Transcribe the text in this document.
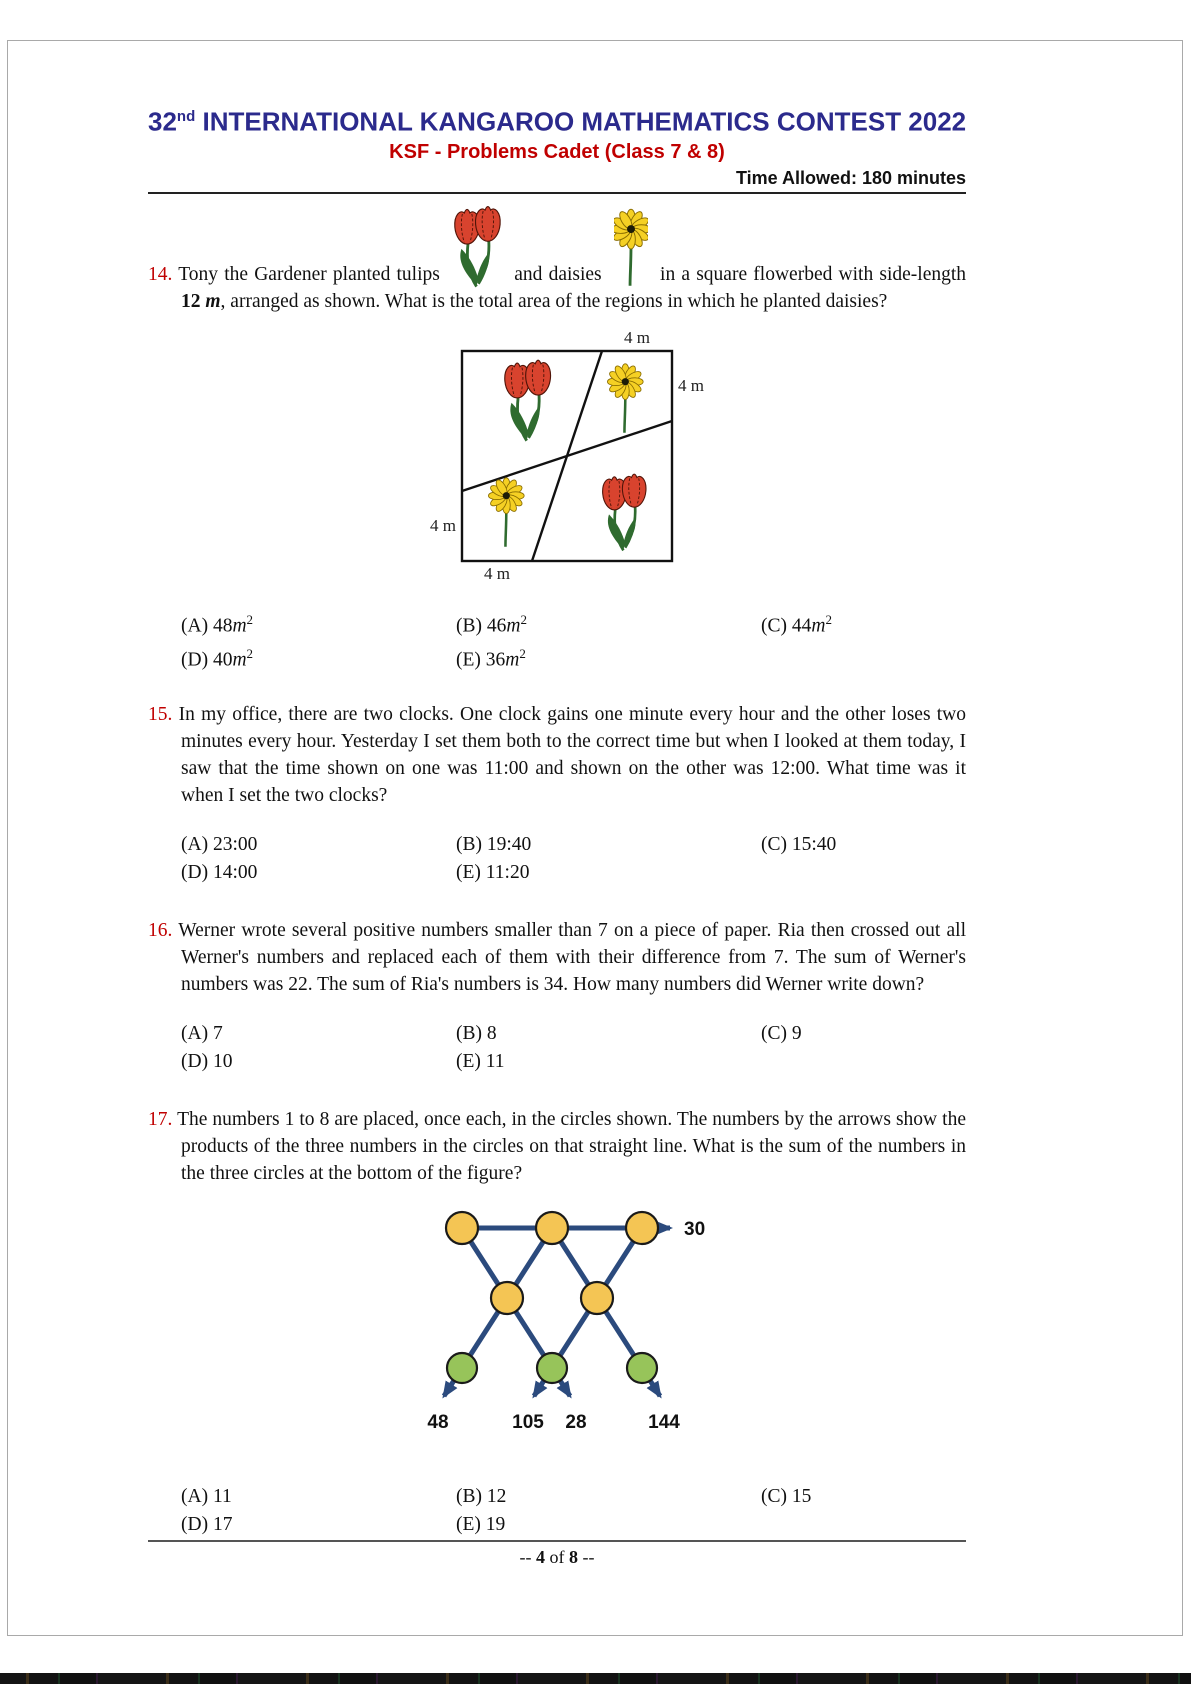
32nd INTERNATIONAL KANGAROO MATHEMATICS CONTEST 2022
KSF - Problems Cadet (Class 7 & 8)
Time Allowed: 180 minutes

14. Tony the Gardener planted tulips	and daisies	in a square flowerbed with side-length 12 m, arranged as shown. What is the total area of the regions in which he planted daisies?

4 m
4 m
4 m
4 m
(A) $48m^2$	(B) $46m^2$	(C) $44m^2$
(D) $40m^2$	(E) $36m^2$

15. In my office, there are two clocks. One clock gains one minute every hour and the other loses two minutes every hour. Yesterday I set them both to the correct time but when I looked at them today, I saw that the time shown on one was 11:00 and shown on the other was 12:00. What time was it when I set the two clocks?

(A) 23:00	(B) 19:40	(C) 15:40
(D) 14:00	(E) 11:20

16. Werner wrote several positive numbers smaller than 7 on a piece of paper. Ria then crossed out all Werner's numbers and replaced each of them with their difference from 7. The sum of Werner's numbers was 22. The sum of Ria's numbers is 34. How many numbers did Werner write down?

(A) 7	(B) 8	(C) 9
(D) 10	(E) 11

17. The numbers 1 to 8 are placed, once each, in the circles shown. The numbers by the arrows show the products of the three numbers in the circles on that straight line. What is the sum of the numbers in the three circles at the bottom of the figure?

30
48	105 28	144
(A) 11	(B) 12	(C) 15
(D) 17	(E) 19
-- 4 of 8 --
